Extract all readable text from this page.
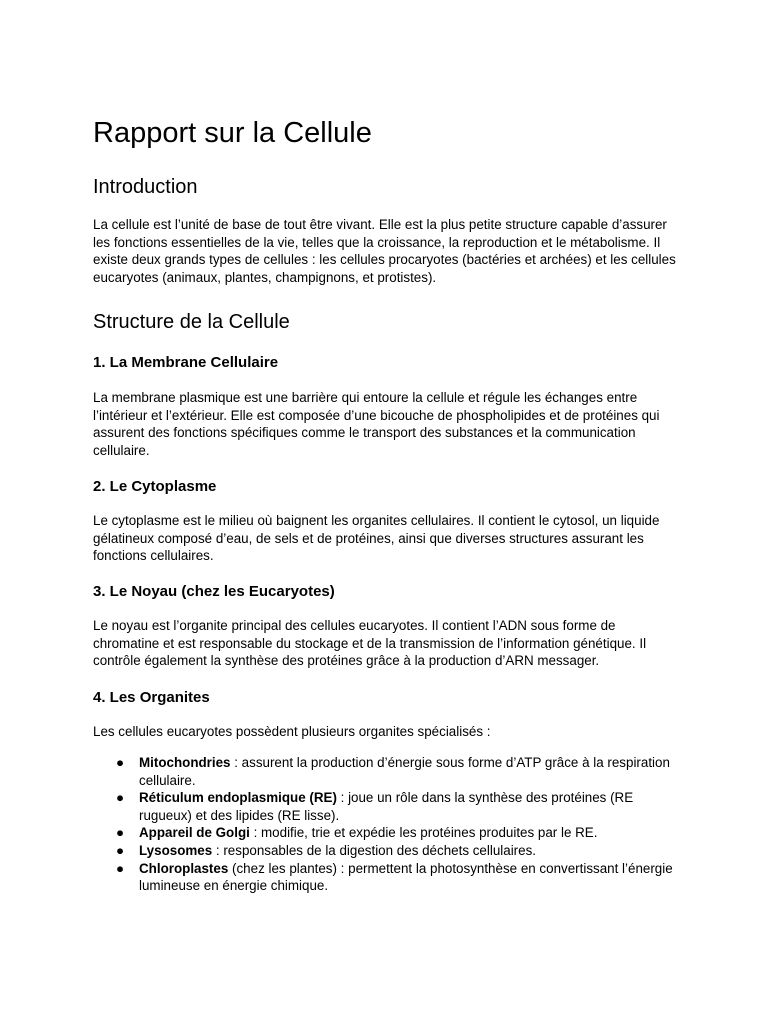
Rapport sur la Cellule
Introduction

La cellule est l’unité de base de tout être vivant. Elle est la plus petite structure capable d’assurer les fonctions essentielles de la vie, telles que la croissance, la reproduction et le métabolisme. Il existe deux grands types de cellules : les cellules procaryotes (bactéries et archées) et les cellules eucaryotes (animaux, plantes, champignons, et protistes).

Structure de la Cellule
1. La Membrane Cellulaire

La membrane plasmique est une barrière qui entoure la cellule et régule les échanges entre l’intérieur et l’extérieur. Elle est composée d’une bicouche de phospholipides et de protéines qui assurent des fonctions spécifiques comme le transport des substances et la communication cellulaire.

2. Le Cytoplasme

Le cytoplasme est le milieu où baignent les organites cellulaires. Il contient le cytosol, un liquide gélatineux composé d’eau, de sels et de protéines, ainsi que diverses structures assurant les fonctions cellulaires.

3. Le Noyau (chez les Eucaryotes)

Le noyau est l’organite principal des cellules eucaryotes. Il contient l’ADN sous forme de chromatine et est responsable du stockage et de la transmission de l’information génétique. Il contrôle également la synthèse des protéines grâce à la production d’ARN messager.

4. Les Organites

Les cellules eucaryotes possèdent plusieurs organites spécialisés :

● Mitochondries : assurent la production d’énergie sous forme d’ATP grâce à la respiration cellulaire.
● Réticulum endoplasmique (RE) : joue un rôle dans la synthèse des protéines (RE rugueux) et des lipides (RE lisse).
● Appareil de Golgi : modifie, trie et expédie les protéines produites par le RE.
● Lysosomes : responsables de la digestion des déchets cellulaires.
● Chloroplastes (chez les plantes) : permettent la photosynthèse en convertissant l’énergie lumineuse en énergie chimique.
